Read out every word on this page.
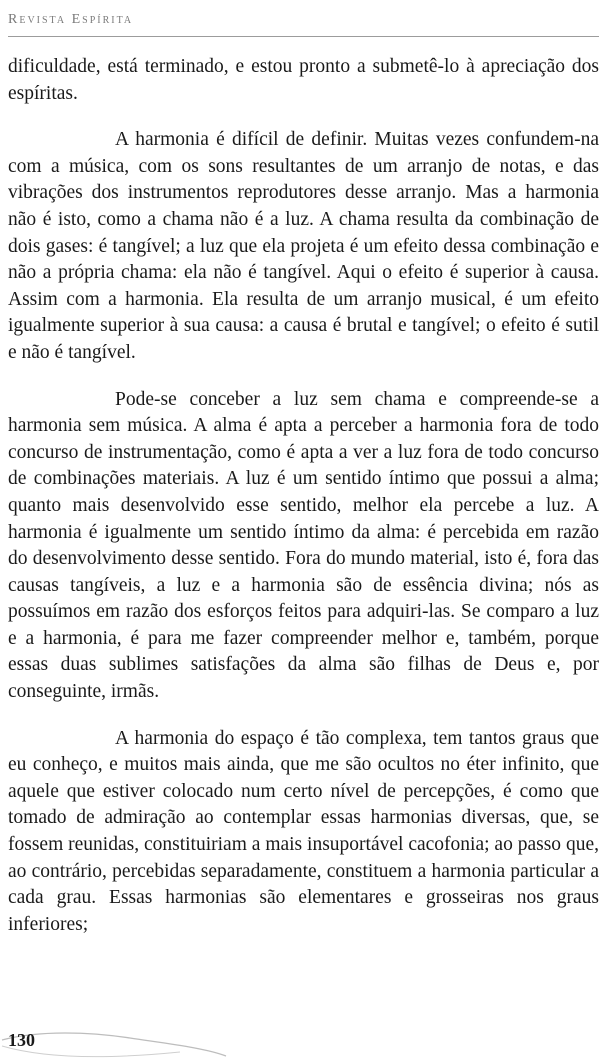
Revista Espírita

dificuldade, está terminado, e estou pronto a submetê-lo à apreciação dos espíritas.

A harmonia é difícil de definir. Muitas vezes confundem-na com a música, com os sons resultantes de um arranjo de notas, e das vibrações dos instrumentos reprodutores desse arranjo. Mas a harmonia não é isto, como a chama não é a luz. A chama resulta da combinação de dois gases: é tangível; a luz que ela projeta é um efeito dessa combinação e não a própria chama: ela não é tangível. Aqui o efeito é superior à causa. Assim com a harmonia. Ela resulta de um arranjo musical, é um efeito igualmente superior à sua causa: a causa é brutal e tangível; o efeito é sutil e não é tangível.

Pode-se conceber a luz sem chama e compreende-se a harmonia sem música. A alma é apta a perceber a harmonia fora de todo concurso de instrumentação, como é apta a ver a luz fora de todo concurso de combinações materiais. A luz é um sentido íntimo que possui a alma; quanto mais desenvolvido esse sentido, melhor ela percebe a luz. A harmonia é igualmente um sentido íntimo da alma: é percebida em razão do desenvolvimento desse sentido. Fora do mundo material, isto é, fora das causas tangíveis, a luz e a harmonia são de essência divina; nós as possuímos em razão dos esforços feitos para adquiri-las. Se comparo a luz e a harmonia, é para me fazer compreender melhor e, também, porque essas duas sublimes satisfações da alma são filhas de Deus e, por conseguinte, irmãs.

A harmonia do espaço é tão complexa, tem tantos graus que eu conheço, e muitos mais ainda, que me são ocultos no éter infinito, que aquele que estiver colocado num certo nível de percepções, é como que tomado de admiração ao contemplar essas harmonias diversas, que, se fossem reunidas, constituiriam a mais insuportável cacofonia; ao passo que, ao contrário, percebidas separadamente, constituem a harmonia particular a cada grau. Essas harmonias são elementares e grosseiras nos graus inferiores;

130
